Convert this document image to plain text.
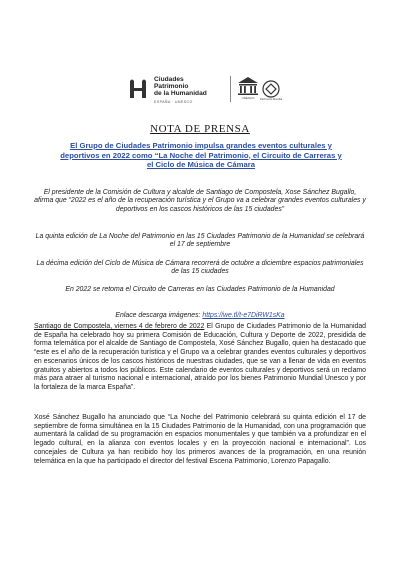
Ciudades
Patrimonio
de la Humanidad
ESPAÑA · UNESCO
UNESCO	Patrimonio Mundial
NOTA DE PRENSA
El Grupo de Ciudades Patrimonio impulsa grandes eventos culturales y deportivos en 2022 como “La Noche del Patrimonio, el Circuito de Carreras y el Ciclo de Música de Cámara
El presidente de la Comisión de Cultura y alcalde de Santiago de Compostela, Xose Sánchez Bugallo, afirma que “2022 es el año de la recuperación turística y el Grupo va a celebrar grandes eventos culturales y deportivos en los cascos históricos de las 15 ciudades”
La quinta edición de La Noche del Patrimonio en las 15 Ciudades Patrimonio de la Humanidad se celebrará el 17 de septiembre
La décima edición del Ciclo de Música de Cámara recorrerá de octubre a diciembre espacios patrimoniales de las 15 ciudades
En 2022 se retoma el Circuito de Carreras en las Ciudades Patrimonio de la Humanidad
Enlace descarga imágenes: https://we.tl/t-e7DiRW1sKa
Santiago de Compostela, viernes 4 de febrero de 2022 El Grupo de Ciudades Patrimonio de la Humanidad de España ha celebrado hoy su primera Comisión de Educación, Cultura y Deporte de 2022, presidida de forma telemática por el alcalde de Santiago de Compostela, Xosé Sánchez Bugallo, quien ha destacado que “este es el año de la recuperación turística y el Grupo va a celebrar grandes eventos culturales y deportivos en escenarios únicos de los cascos históricos de nuestras ciudades, que se van a llenar de vida en eventos gratuitos y abiertos a todos los públicos. Este calendario de eventos culturales y deportivos será un reclamo más para atraer al turismo nacional e internacional, atraído por los bienes Patrimonio Mundial Unesco y por la fortaleza de la marca España”.
Xosé Sánchez Bugallo ha anunciado que “La Noche del Patrimonio celebrará su quinta edición el 17 de septiembre de forma simultánea en la 15 Ciudades Patrimonio de la Humanidad, con una programación que aumentará la calidad de su programación en espacios monumentales y que también va a profundizar en el legado cultural, en la alianza con eventos locales y en la proyección nacional e internacional”. Los concejales de Cultura ya han recibido hoy los primeros avances de la programación, en una reunión telemática en la que ha participado el director del festival Escena Patrimonio, Lorenzo Papagallo.
